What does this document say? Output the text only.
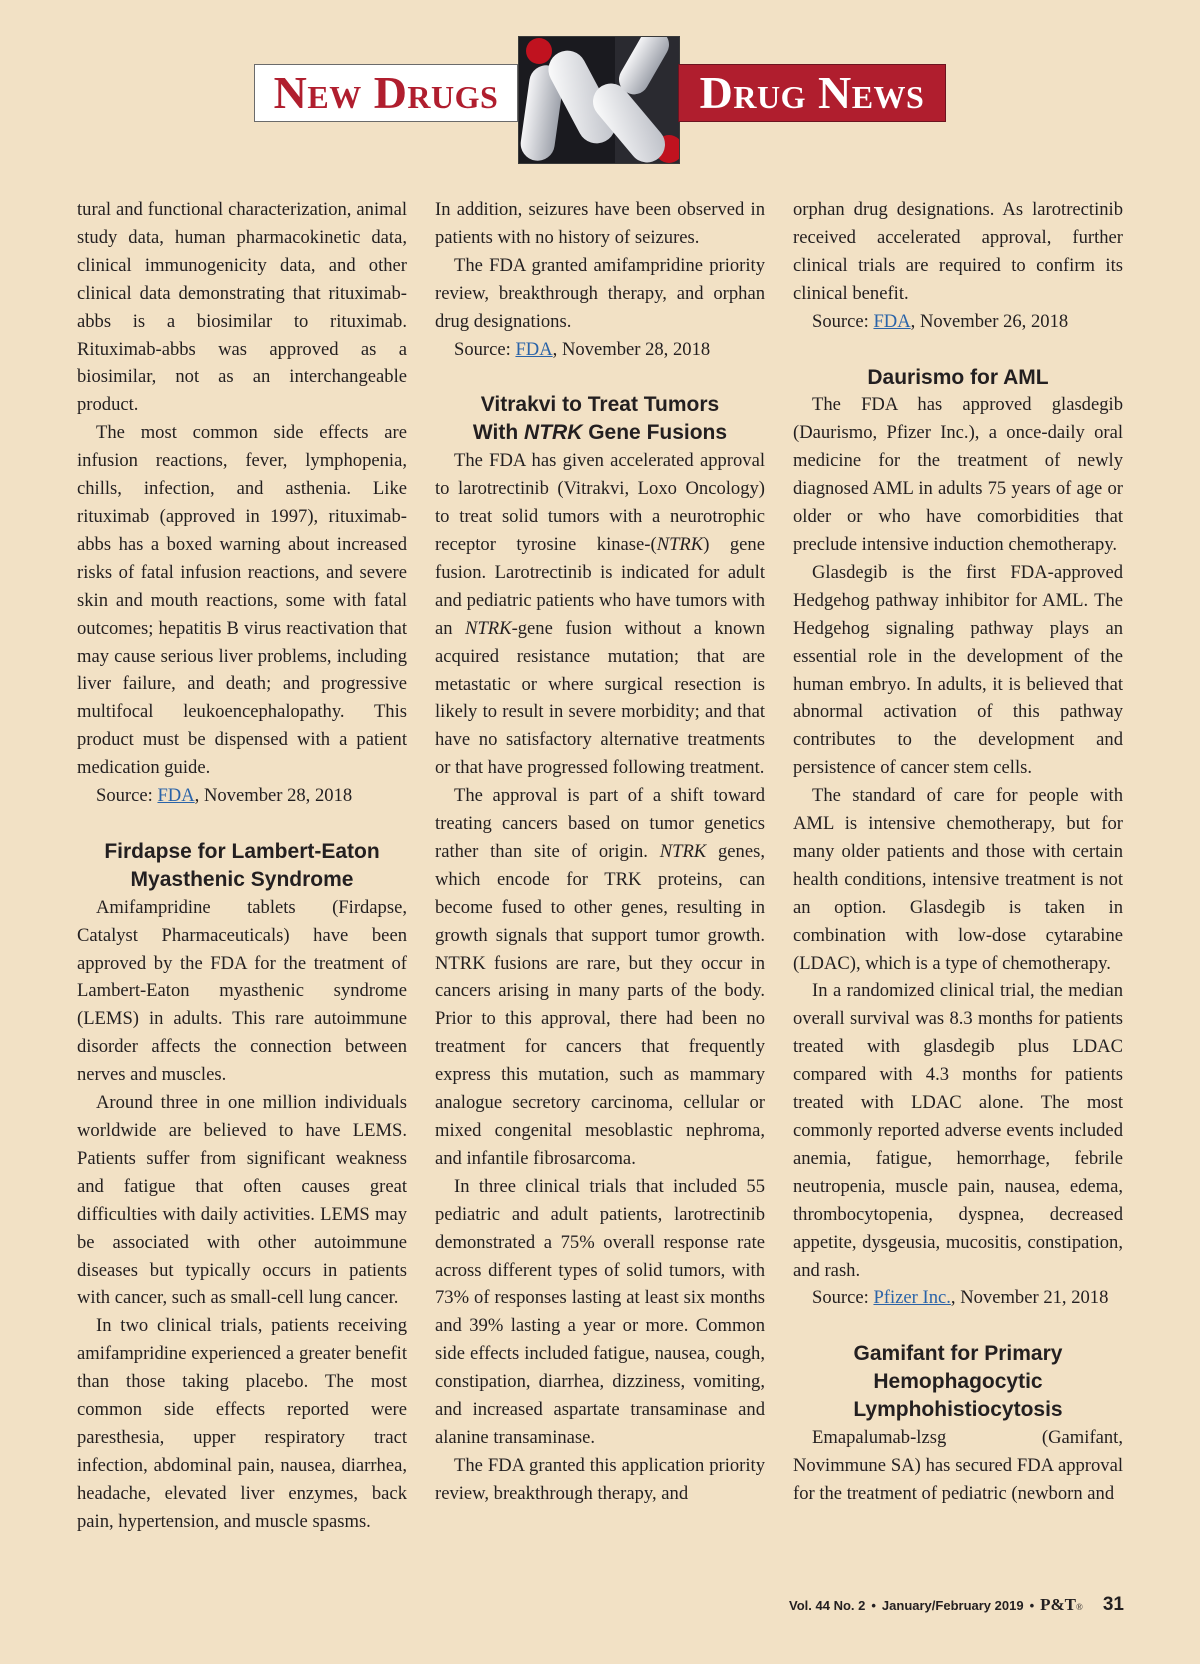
New Drugs	Drug News

tural and functional characterization, animal study data, human pharmacokinetic data, clinical immunogenicity data, and other clinical data demonstrating that rituximab-abbs is a biosimilar to rituximab. Rituximab-abbs was approved as a biosimilar, not as an interchangeable product.

The most common side effects are infusion reactions, fever, lymphopenia, chills, infection, and asthenia. Like rituximab (approved in 1997), rituximab-abbs has a boxed warning about increased risks of fatal infusion reactions, and severe skin and mouth reactions, some with fatal outcomes; hepatitis B virus reactivation that may cause serious liver problems, including liver failure, and death; and progressive multifocal leukoencephalopathy. This product must be dispensed with a patient medication guide.

Source: FDA, November 28, 2018

Firdapse for Lambert-Eaton Myasthenic Syndrome

Amifampridine tablets (Firdapse, Catalyst Pharmaceuticals) have been approved by the FDA for the treatment of Lambert-Eaton myasthenic syndrome (LEMS) in adults. This rare autoimmune disorder affects the connection between nerves and muscles.

Around three in one million individuals worldwide are believed to have LEMS. Patients suffer from significant weakness and fatigue that often causes great difficulties with daily activities. LEMS may be associated with other autoimmune diseases but typically occurs in patients with cancer, such as small-cell lung cancer.

In two clinical trials, patients receiving amifampridine experienced a greater benefit than those taking placebo. The most common side effects reported were paresthesia, upper respiratory tract infection, abdominal pain, nausea, diarrhea, headache, elevated liver enzymes, back pain, hypertension, and muscle spasms.

In addition, seizures have been observed in patients with no history of seizures.

The FDA granted amifampridine priority review, breakthrough therapy, and orphan drug designations.

Source: FDA, November 28, 2018

Vitrakvi to Treat Tumors
With NTRK Gene Fusions

The FDA has given accelerated approval to larotrectinib (Vitrakvi, Loxo Oncology) to treat solid tumors with a neurotrophic receptor tyrosine kinase-(NTRK) gene fusion. Larotrectinib is indicated for adult and pediatric patients who have tumors with an NTRK-gene fusion without a known acquired resistance mutation; that are metastatic or where surgical resection is likely to result in severe morbidity; and that have no satisfactory alternative treatments or that have progressed following treatment.

The approval is part of a shift toward treating cancers based on tumor genetics rather than site of origin. NTRK genes, which encode for TRK proteins, can become fused to other genes, resulting in growth signals that support tumor growth. NTRK fusions are rare, but they occur in cancers arising in many parts of the body. Prior to this approval, there had been no treatment for cancers that frequently express this mutation, such as mammary analogue secretory carcinoma, cellular or mixed congenital mesoblastic nephroma, and infantile fibrosarcoma.

In three clinical trials that included 55 pediatric and adult patients, larotrectinib demonstrated a 75% overall response rate across different types of solid tumors, with 73% of responses lasting at least six months and 39% lasting a year or more. Common side effects included fatigue, nausea, cough, constipation, diarrhea, dizziness, vomiting, and increased aspartate transaminase and alanine transaminase.

The FDA granted this application priority review, breakthrough therapy, and

orphan drug designations. As larotrectinib received accelerated approval, further clinical trials are required to confirm its clinical benefit.

Source: FDA, November 26, 2018

Daurismo for AML

The FDA has approved glasdegib (Daurismo, Pfizer Inc.), a once-daily oral medicine for the treatment of newly diagnosed AML in adults 75 years of age or older or who have comorbidities that preclude intensive induction chemotherapy.

Glasdegib is the first FDA-approved Hedgehog pathway inhibitor for AML. The Hedgehog signaling pathway plays an essential role in the development of the human embryo. In adults, it is believed that abnormal activation of this pathway contributes to the development and persistence of cancer stem cells.

The standard of care for people with AML is intensive chemotherapy, but for many older patients and those with certain health conditions, intensive treatment is not an option. Glasdegib is taken in combination with low-dose cytarabine (LDAC), which is a type of chemotherapy.

In a randomized clinical trial, the median overall survival was 8.3 months for patients treated with glasdegib plus LDAC compared with 4.3 months for patients treated with LDAC alone. The most commonly reported adverse events included anemia, fatigue, hemorrhage, febrile neutropenia, muscle pain, nausea, edema, thrombocytopenia, dyspnea, decreased appetite, dysgeusia, mucositis, constipation, and rash.

Source: Pfizer Inc., November 21, 2018

Gamifant for Primary Hemophagocytic Lymphohistiocytosis

Emapalumab-lzsg (Gamifant, Novimmune SA) has secured FDA approval for the treatment of pediatric (newborn and

Vol. 44 No. 2 • January/February 2019 • P&T® 31
